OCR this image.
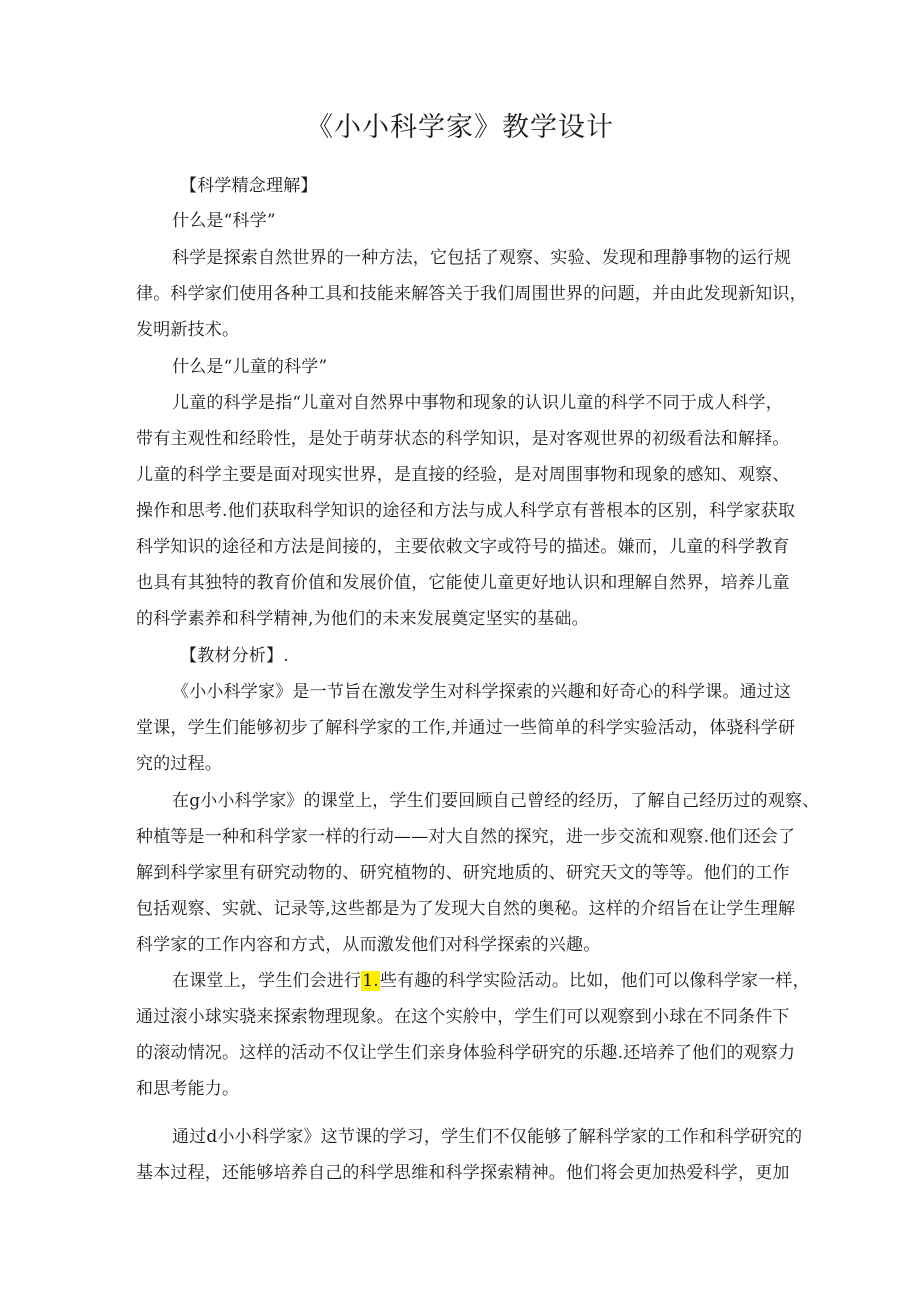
《小小科学家》教学设计
【科学精念理解】
什么是“科学”
科学是探索自然世界的一种方法，它包括了观察、实验、发现和理静事物的运行规
律。科学家们使用各种工具和技能来解答关于我们周围世界的问题，并由此发现新知识，
发明新技术。
什么是“儿童的科学”
儿童的科学是指“儿童对自然界中事物和现象的认识儿童的科学不同于成人科学，
带有主观性和经聆性，是处于萌芽状态的科学知识，是对客观世界的初级看法和解择。
儿童的科学主要是面对现实世界，是直接的经验，是对周围事物和现象的感知、观察、
操作和思考.他们获取科学知识的途径和方法与成人科学京有普根本的区别，科学家获取
科学知识的途径和方法是间接的，主要依敕文字或符号的描述。嫌而，儿童的科学教育
也具有其独特的教育价值和发展价值，它能使儿童更好地认识和理解自然界，培养儿童
的科学素养和科学精神,为他们的未来发展奠定坚实的基础。
【教材分析】.
《小小科学家》是一节旨在激发学生对科学探索的兴趣和好奇心的科学课。通过这
堂课，学生们能够初步了解科学家的工作,并通过一些简单的科学实验活动，体骁科学研
究的过程。
在g小小科学家》的课堂上，学生们要回顾自己曾经的经历，了解自己经历过的观察、
种植等是一种和科学家一样的行动——对大自然的探究，进一步交流和观察.他们还会了
解到科学家里有研究动物的、研究植物的、研究地质的、研究天文的等等。他们的工作
包括观察、实就、记录等,这些都是为了发现大自然的奥秘。这样的介绍旨在让学生理解
科学家的工作内容和方式，从而激发他们对科学探索的兴趣。
在课堂上，学生们会进行1.些有趣的科学实险活动。比如，他们可以像科学家一样，
通过滚小球实骁来探索物理现象。在这个实舲中，学生们可以观察到小球在不同条件下
的滚动情况。这样的活动不仅让学生们亲身体验科学研究的乐趣.还培养了他们的观察力
和思考能力。
通过d小小科学家》这节课的学习，学生们不仅能够了解科学家的工作和科学研究的
基本过程，还能够培养自己的科学思维和科学探索精神。他们将会更加热爱科学，更加
